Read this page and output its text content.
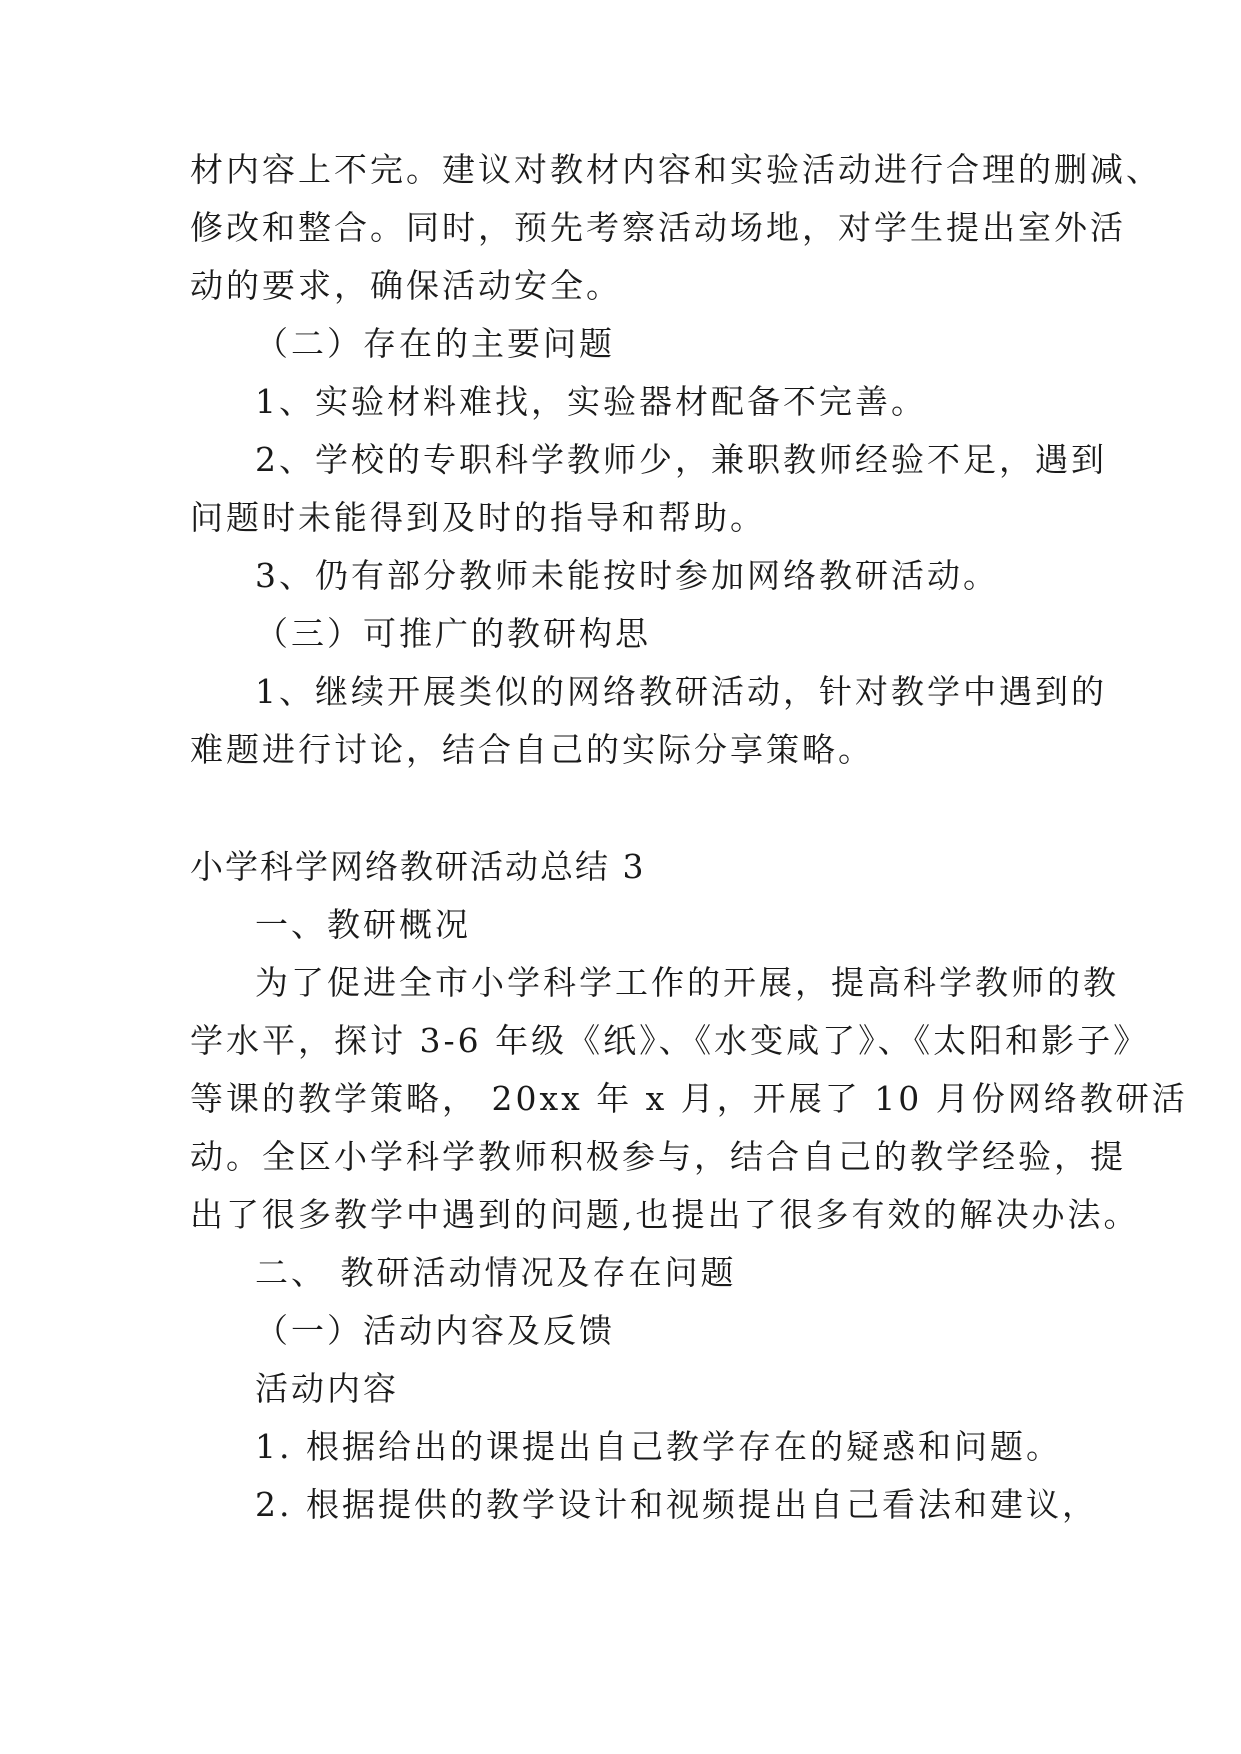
材内容上不完。建议对教材内容和实验活动进行合理的删减、
修改和整合。同时，预先考察活动场地，对学生提出室外活
动的要求，确保活动安全。
（二）存在的主要问题
1、实验材料难找，实验器材配备不完善。
2、学校的专职科学教师少，兼职教师经验不足，遇到
问题时未能得到及时的指导和帮助。
3、仍有部分教师未能按时参加网络教研活动。
（三）可推广的教研构思
1、继续开展类似的网络教研活动，针对教学中遇到的
难题进行讨论，结合自己的实际分享策略。
小学科学网络教研活动总结 3
一、教研概况
为了促进全市小学科学工作的开展，提高科学教师的教
学水平，探讨 3-6 年级《纸》、《水变咸了》、《太阳和影子》
等课的教学策略， 20xx 年 x 月，开展了 10 月份网络教研活
动。全区小学科学教师积极参与，结合自己的教学经验，提
出了很多教学中遇到的问题,也提出了很多有效的解决办法。
二、 教研活动情况及存在问题
（一）活动内容及反馈
活动内容
1. 根据给出的课提出自己教学存在的疑惑和问题。
2. 根据提供的教学设计和视频提出自己看法和建议，
